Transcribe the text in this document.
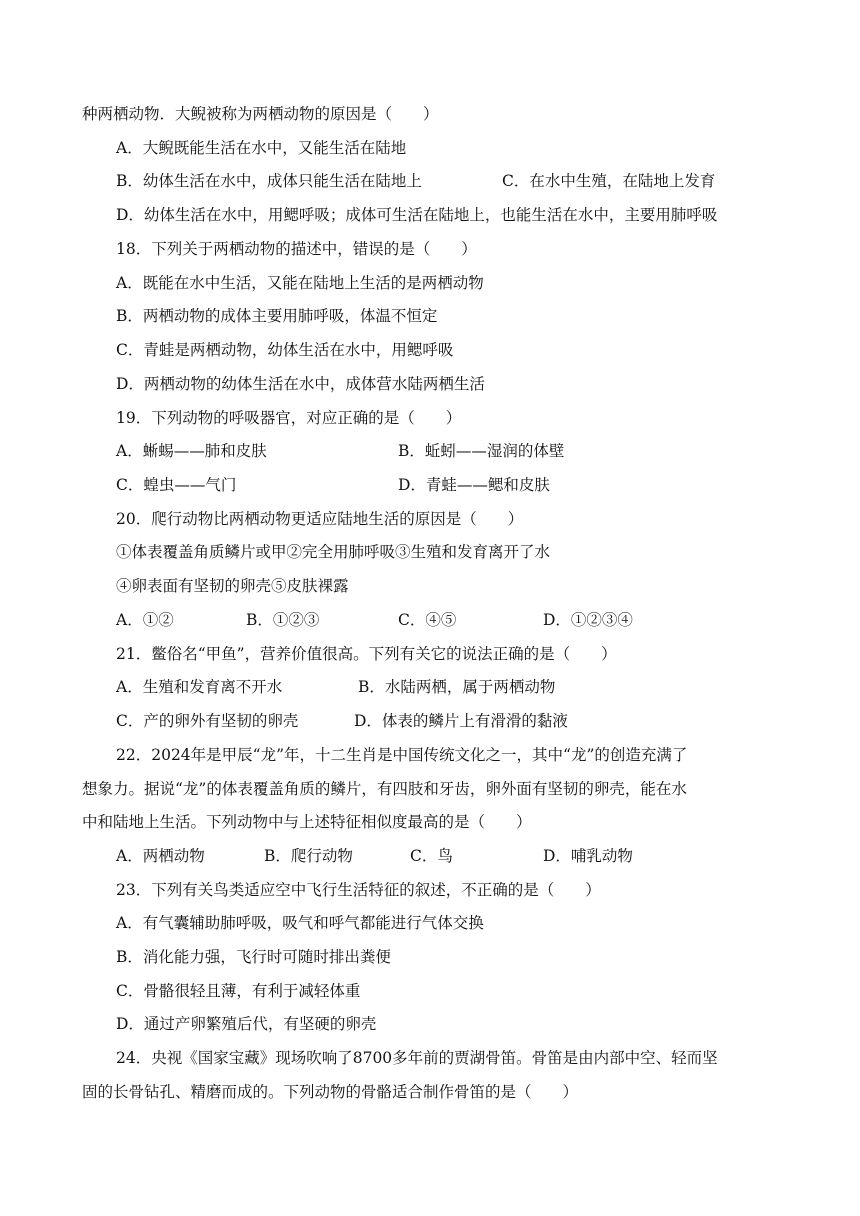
种两栖动物．大鲵被称为两栖动物的原因是（　　）
A．大鲵既能生活在水中，又能生活在陆地
B．幼体生活在水中，成体只能生活在陆地上	C．在水中生殖，在陆地上发育
D．幼体生活在水中，用鳃呼吸；成体可生活在陆地上，也能生活在水中，主要用肺呼吸
18．下列关于两栖动物的描述中，错误的是（　　）
A．既能在水中生活，又能在陆地上生活的是两栖动物
B．两栖动物的成体主要用肺呼吸，体温不恒定
C．青蛙是两栖动物，幼体生活在水中，用鳃呼吸
D．两栖动物的幼体生活在水中，成体营水陆两栖生活
19．下列动物的呼吸器官，对应正确的是（　　）
A．蜥蜴——肺和皮肤	B．蚯蚓——湿润的体壁
C．蝗虫——气门	D．青蛙——鳃和皮肤
20．爬行动物比两栖动物更适应陆地生活的原因是（　　）
①体表覆盖角质鳞片或甲②完全用肺呼吸③生殖和发育离开了水
④卵表面有坚韧的卵壳⑤皮肤裸露
A．①②	B．①②③	C．④⑤	D．①②③④
21．鳖俗名“甲鱼”，营养价值很高。下列有关它的说法正确的是（　　）
A．生殖和发育离不开水	B．水陆两栖，属于两栖动物
C．产的卵外有坚韧的卵壳	D．体表的鳞片上有滑滑的黏液
22．2024年是甲辰“龙”年，十二生肖是中国传统文化之一，其中“龙”的创造充满了
想象力。据说“龙”的体表覆盖角质的鳞片，有四肢和牙齿，卵外面有坚韧的卵壳，能在水
中和陆地上生活。下列动物中与上述特征相似度最高的是（　　）
A．两栖动物	B．爬行动物	C．鸟	D．哺乳动物
23．下列有关鸟类适应空中飞行生活特征的叙述，不正确的是（　　）
A．有气囊辅助肺呼吸，吸气和呼气都能进行气体交换
B．消化能力强，飞行时可随时排出粪便
C．骨骼很轻且薄，有利于减轻体重
D．通过产卵繁殖后代，有坚硬的卵壳
24．央视《国家宝藏》现场吹响了8700多年前的贾湖骨笛。骨笛是由内部中空、轻而坚
固的长骨钻孔、精磨而成的。下列动物的骨骼适合制作骨笛的是（　　）
